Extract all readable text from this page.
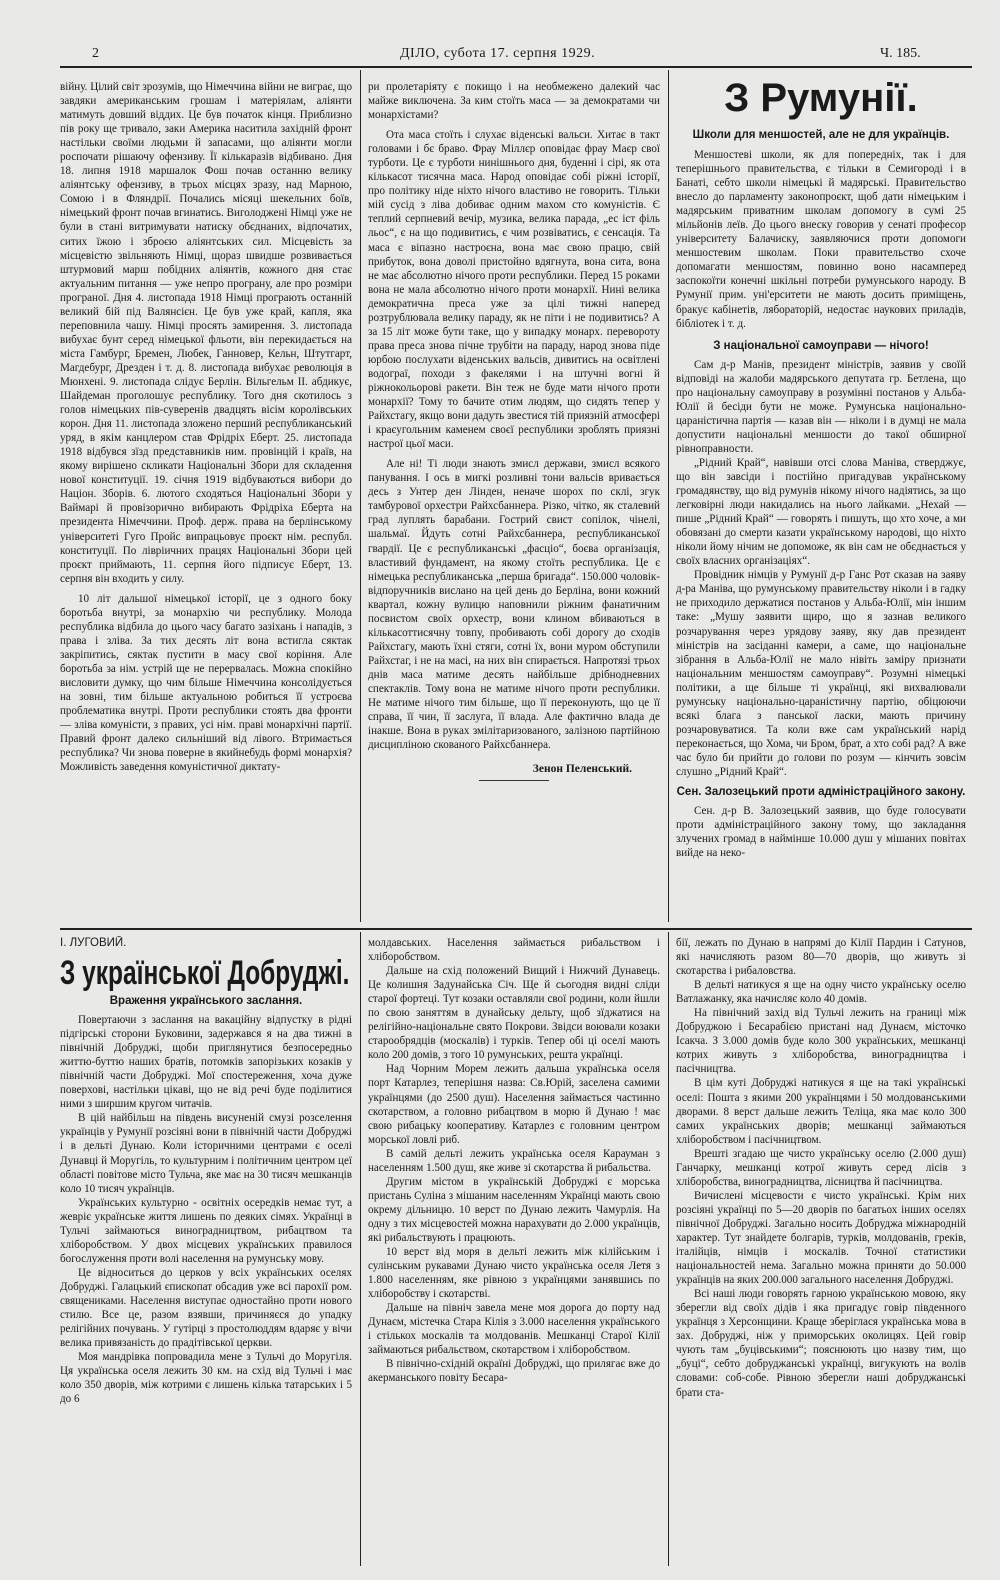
2	ДІЛО, субота 17. серпня 1929.	Ч. 185.

війну. Цілий світ зрозумів, що Німеччина війни не виграє, що завдяки американським грошам і матеріялам, аліянти матимуть довший віддих. Це був початок кінця. Приблизно пів року ще тривало, заки Америка наситила західній фронт настільки своїми людьми й запасами, що аліянти могли роспочати рішаючу офензиву. Її кількаразів відбивано. Дня 18. липня 1918 маршалок Фош почав останню велику аліянтську офензиву, в трьох місцях зразу, над Марною, Сомою і в Фляндрії. Почались місяці шекельних боїв, німецький фронт почав вгинатись. Виголоджені Німці уже не були в стані витримувати натиску обєднаних, відпочатих, ситих їжою і зброєю аліянтських сил. Місцевість за місцевістю звільняють Німці, щораз швидше розвивається штурмовий марш побідних аліянтів, кожного дня стає актуальним питання — уже непро програну, але про розміри програної. Дня 4. листопада 1918 Німці програють останній великий бій під Валянсієн. Це був уже край, капля, яка переповнила чашу. Німці просять замирення. 3. листопада вибухає бунт серед німецької фльоти, він перекидається на міста Гамбург, Бремен, Любек, Ганновер, Кельн, Штутгарт, Магдебург, Дрезден і т. д. 8. листопада вибухає революція в Мюнхені. 9. листопада слідує Берлін. Вільгельм II. абдикує, Шайдеман проголошує республику. Того дня скотилось з голов німецьких пів-суверенів двадцять вісім королівських корон. Дня 11. листопада зложено перший республиканський уряд, в якім канцлером став Фрідріх Еберт. 25. листопада 1918 відбувся зїзд представників ним. провінцій і країв, на якому вирішено скликати Національні Збори для складення нової конституції. 19. січня 1919 відбуваються вибори до Націон. Зборів. 6. лютого сходяться Національні Збори у Ваймарі й провізорично вибирають Фрідріха Еберта на президента Німеччини. Проф. держ. права на берлінському університеті Гуго Пройс випрацьовує проєкт нім. республ. конституції. По лівріичних працях Національні Збори цей проєкт приймають, 11. серпня його підписує Еберт, 13. серпня він входить у силу.

10 літ дальшої німецької історії, це з одного боку боротьба внутрі, за монархію чи республику. Молода республика відбила до цього часу багато зазіхань і нападів, з права і зліва. За тих десять літ вона встигла сяктак закріпитись, сяктак пустити в масу свої коріння. Але боротьба за нім. устрій ще не перервалась. Можна спокійно висловити думку, що чим більше Німеччина консолідується на зовні, тим більше актуальною робиться її устроєва проблематика внутрі. Проти республики стоять два фронти — зліва комуністи, з правих, усі нім. праві монархічні партії. Правий фронт далеко сильніший від лівого. Втримається республика? Чи знова поверне в якийнебудь формі монархія? Можливість заведення комуністичної диктату-

ри пролетаріяту є покищо і на необмежено далекий час майже виключена. За ким стоїть маса — за демократами чи монархістами?

Ота маса стоїть і слухає віденські вальси. Хитає в такт головами і бє браво. Фрау Міллєр оповідає фрау Маєр свої турботи. Це є турботи нинішнього дня, буденні і сірі, як ота кількасот тисячна маса. Народ оповідає собі ріжні історії, про політику ніде ніхто нічого властиво не говорить. Тільки мій сусід з ліва добиває одним махом сто комуністів. Є теплий серпневий вечір, музика, велика парада, „ес іст філь льос“, є на що подивитись, є чим розвіватись, є сенсація. Та маса є віпазно настроєна, вона має свою працю, свій прибуток, вона доволі пристойно вдягнута, вона сита, вона не має абсолютно нічого проти республики. Перед 15 роками вона не мала абсолютно нічого проти монархії. Нині велика демократична преса уже за цілі тижні наперед розтрублювала велику параду, як не піти і не подивитись? А за 15 літ може бути таке, що у випадку монарх. перевороту права преса знова пічне трубіти на параду, народ знова піде юрбою послухати віденських вальсів, дивитись на освітлені водограї, походи з факелями і на штучні вогні й ріжнокольорові ракети. Він теж не буде мати нічого проти монархії? Тому то бачите отим людям, що сидять тепер у Райхстагу, якщо вони дадуть звестися тій приязній атмосфері і краєугольним каменем своєї республики зроблять приязні настрої цьої маси.

Але ні! Ті люди знають змисл держави, змисл всякого панування. І ось в мигкі розливні тони вальсів вривається десь з Унтер ден Лінден, неначе шорох по склі, згук тамбурової орхестри Райхсбаннера. Різко, чітко, як сталевий град луплять барабани. Гострий свист сопілок, чінелі, шальмаї. Йдуть сотні Райхсбаннера, республиканської гвардії. Це є республиканські „фасціо“, боєва організація, властивий фундамент, на якому стоїть республика. Це є німецька республиканська „перша бригада“. 150.000 чоловік-відпоручників вислано на цей день до Берліна, вони кожний квартал, кожну вулицю наповнили ріжним фанатичним посвистом своїх орхестр, вони клином вбиваються в кількасоттисячну товпу, пробивають собі дорогу до сходів Райхстагу, мають їхні стяги, сотні їх, вони муром обступили Райхстаг, і не на масі, на них він спирається. Напротязі трьох днів маса матиме десять найбільше дрібнодневних спектаклів. Тому вона не матиме нічого проти республики. Не матиме нічого тим більше, що її переконують, що це її справа, її чин, її заслуга, її влада. Але фактично влада де інакше. Вона в руках змілітаризованого, залізною партійною дисципліною скованого Райхсбаннера.

Зенон Пеленський.
З Румунії.
Школи для меншостей, але не для українців.

Меншостеві школи, як для попередніх, так і для теперішнього правительства, є тільки в Семигороді і в Банаті, себто школи німецькі й мадярські. Правительство внесло до парламенту законопроєкт, щоб дати німецьким і мадярським приватним школам допомогу в сумі 25 мільйонів леїв. До цього внеску говорив у сенаті професор університету Балачиску, заявляючися проти допомоги меншостевим школам. Поки правительство схоче допомагати меншостям, повинно воно насамперед заспокоїти конечні шкільні потреби румунського народу. В Румунії прим. уні'ерситети не мають досить приміщень, бракує кабінетів, лябораторій, недостає наукових приладів, бібліотек і т. д.

З національної самоуправи — нічого!

Сам д-р Манів, президент міністрів, заявив у своїй відповіді на жалоби мадярського депутата гр. Бетлена, що про національну самоуправу в розумінні постанов у Альба-Юлії й бесіди бути не може. Румунська національно-цараністична партія — казав він — ніколи і в думці не мала допустити національні меншости до такої обширної рівноправности.

„Рідний Край“, навівши отсі слова Маніва, стверджує, що він завсіди і постійно пригадував українському громадянству, що від румунів нікому нічого надіятись, за що легковірні люди накидались на нього лайками. „Нехай — пише „Рідний Край“ — говорять і пишуть, що хто хоче, а ми обовязані до смерти казати українському народові, що ніхто ніколи йому нічим не допоможе, як він сам не обєднається у своїх власних організаціях“.

Провідник німців у Румунії д-р Ганс Рот сказав на заяву д-ра Маніва, що румунському правительству ніколи і в гадку не приходило держатися постанов у Альба-Юлії, мін іншим таке: „Мушу заявити щиро, що я зазнав великого розчарування через урядову заяву, яку дав президент міністрів на засіданні камери, а саме, що національне зібрання в Альба-Юлії не мало нівіть заміру признати національним меншостям самоуправу“. Розумні німецькі політики, а ще більше ті українці, які вихвалювали румунську національно-цараністичну партію, обіцюючи всякі блага з панської ласки, мають причину розчаровуватися. Та коли вже сам український нарід переконається, що Хома, чи Бром, брат, а хто собі рад? А вже час було би прийти до голови по розум — кінчить зовсім слушно „Рідний Край“.

Сен. Залозецький проти адміністраційного закону.

Сен. д-р В. Залозецький заявив, що буде голосувати проти адміністраційного закону тому, що закладання злучених громад в наймінше 10.000 душ у мішаних повітах вийде на неко-

І. ЛУГОВИЙ.
З української Добруджі.
Враження українського заслання.

Повертаючи з заслання на вакаційну відпустку в рідні підгірські сторони Буковини, задержався я на два тижні в північній Добруджі, щоби приглянутися безпосередньо життю-буттю наших братів, потомків запорізьких козаків у північній части Добруджі. Мої спостереження, хоча дуже поверхові, настільки цікаві, що не від речі буде поділитися ними з ширшим кругом читачів.

В цій найбільш на південь висуненій смузі розселення українців у Румунії розсіяні вони в північній части Добруджі і в дельті Дунаю. Коли історичними центрами є оселі Дунавці й Моругіль, то культурним і політичним центром цеї області повітове місто Тульча, яке має на 30 тисяч мешканців коло 10 тисяч українців.

Українських культурно - освітніх осередків немає тут, а жевріє українське життя лишень по деяких сімях. Українці в Тульчі займаються виноградництвом, рибацтвом та хліборобством. У двох місцевих українських правилося богослуження проти волі населення на румунську мову.

Це відноситься до церков у всіх українських оселях Добруджі. Галацький єпископат обсадив уже всі парохії ром. священиками. Населення виступає одностайно проти нового стилю. Все це, разом взявши, причиняєся до упадку релігійних почувань. У гутірці з простолюддям вдаряє у вічи велика привязаність до прадітівської церкви.

Моя мандрівка попровадила мене з Тульчі до Моругіля. Ця українська оселя лежить 30 км. на схід від Тульчі і має коло 350 дворів, між котрими є лишень кілька татарських і 5 до 6

молдавських. Населення займається рибальством і хліборобством.

Дальше на схід положений Вищий і Нижчий Дунавець. Це колишня Задунайська Січ. Ще й сьогодня видні сліди старої фортеці. Тут козаки оставляли свої родини, коли йшли по свою заняттям в дунайську дельту, щоб зїджатися на релігійно-національне свято Покрови. Звідси воювали козаки старообрядців (москалів) і турків. Тепер обі ці оселі мають коло 200 домів, з того 10 румунських, решта українці.

Над Чорним Морем лежить дальша українська оселя порт Катарлез, теперішня назва: Св.Юрій, заселена самими українцями (до 2500 душ). Населення займається частинно скотарством, а головно рибацтвом в морю й Дунаю ! має свою рибацьку кооперативу. Катарлез є головним центром морської ловлі риб.

В самій дельті лежить українська оселя Карауман з населенням 1.500 душ, яке живе зі скотарства й рибальства.

Другим містом в українській Добруджі є морська пристань Суліна з мішаним населенням Українці мають свою окрему дільницю. 10 верст по Дунаю лежить Чамурлія. На одну з тих місцевостей можна нарахувати до 2.000 українців, які рибальствують і працюють.

10 верст від моря в дельті лежить між кілійським і сулінським рукавами Дунаю чисто українська оселя Летя з 1.800 населенням, яке рівною з українцями занявшись по хліборобству і скотарстві.

Дальше на північ завела мене моя дорога до порту над Дунаєм, містечка Стара Кілія з 3.000 населення українського і стількох москалів та молдованів. Мешканці Старої Кілії займаються рибальством, скотарством і хліборобством.

В північно-східній окраїні Добруджі, що прилягає вже до акерманського повіту Бесара-

бії, лежать по Дунаю в напрямі до Кілії Пардин і Сатунов, які начисляють разом 80—70 дворів, що живуть зі скотарства і рибаловства.

В дельті натикуся я ще на одну чисто українську оселю Ватлажанку, яка начисляє коло 40 домів.

На північний захід від Тульчі лежить на границі між Добруджою і Бесарабією пристані над Дунаєм, місточко Ісакча. З 3.000 домів буде коло 300 українських, мешканці котрих живуть з хліборобства, виноградництва і пасічництва.

В цім куті Добруджі натикуся я ще на такі українські оселі: Пошта з якими 200 українцями і 50 молдованськими дворами. 8 верст дальше лежить Теліца, яка має коло 300 самих українських дворів; мешканці займаються хліборобством і пасічництвом.

Врешті згадаю ще чисто українську оселю (2.000 душ) Ганчарку, мешканці котрої живуть серед лісів з хліборобства, виноградництва, лісництва й пасічництва.

Вичислені місцевости є чисто українські. Крім них розсіяні українці по 5—20 дворів по багатьох інших оселях північної Добруджі. Загально носить Добруджа міжнародній характер. Тут знайдете болгарів, турків, молдованів, греків, італійців, німців і москалів. Точної статистики національностей нема. Загально можна приняти до 50.000 українців на яких 200.000 загального населення Добруджі.

Всі наші люди говорять гарною українською мовою, яку зберегли від своїх дідів і яка пригадує говір південного українця з Херсонщини. Краще зберіглася українська мова в зах. Добруджі, ніж у приморських околицях. Цей говір чують там „буцівськими“; пояснюють цю назву тим, що „буці“, себто добруджанські українці, вигукують на волів словами: соб-собе. Рівною зберегли наші добруджанські брати ста-
